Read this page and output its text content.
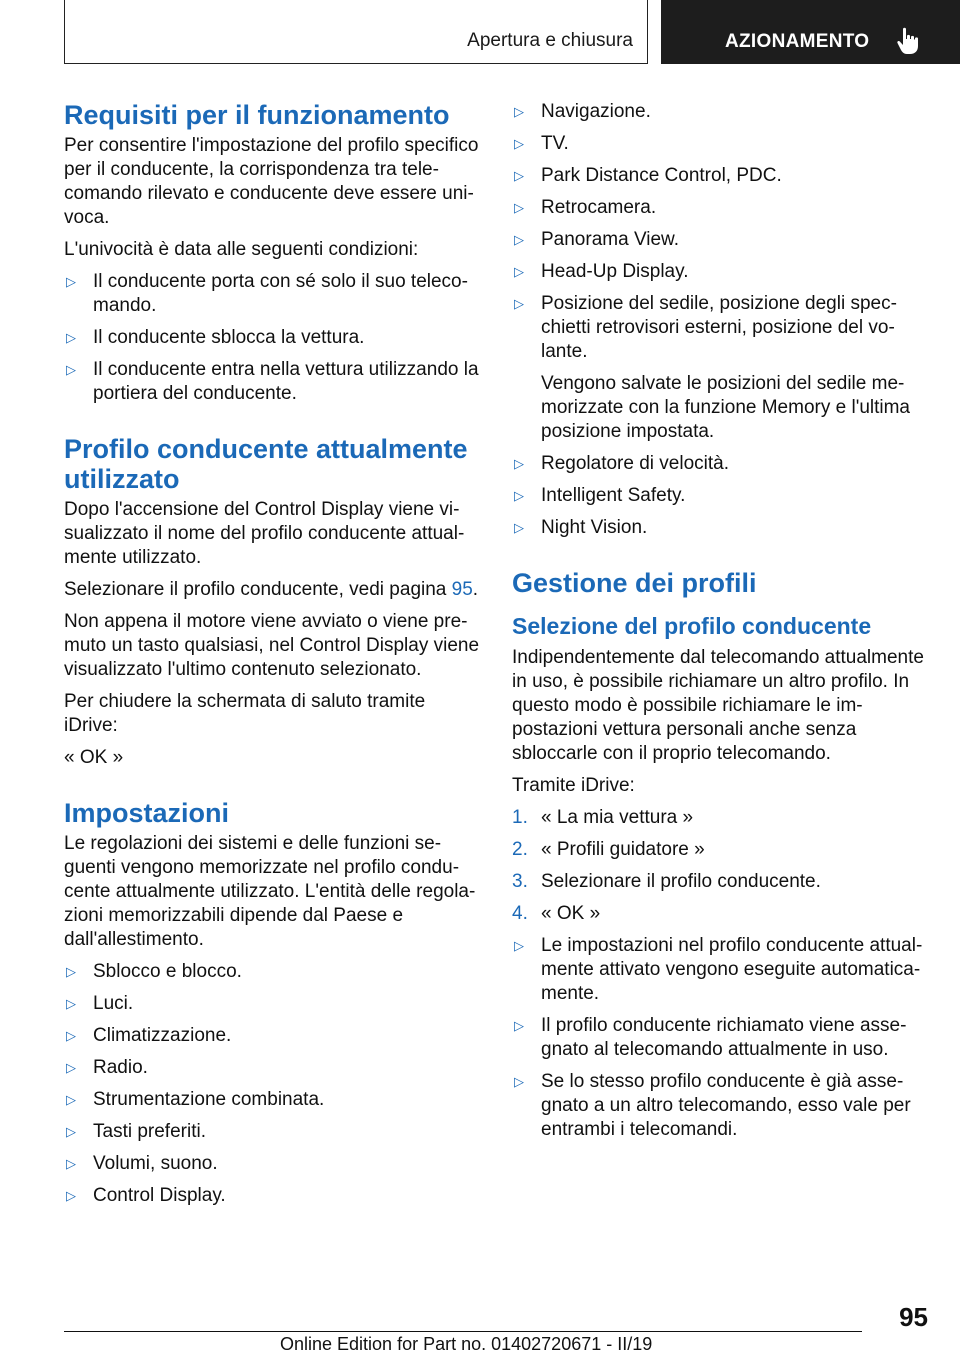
Apertura e chiusura	AZIONAMENTO
Requisiti per il funzionamento
Per consentire l'impostazione del profilo specifico per il conducente, la corrispondenza tra telecomando rilevato e conducente deve essere univoca.
L'univocità è data alle seguenti condizioni:
▷ Il conducente porta con sé solo il suo telecomando.
▷ Il conducente sblocca la vettura.
▷ Il conducente entra nella vettura utilizzando la portiera del conducente.
Profilo conducente attualmente utilizzato
Dopo l'accensione del Control Display viene visualizzato il nome del profilo conducente attualmente utilizzato.
Selezionare il profilo conducente, vedi pagina 95.
Non appena il motore viene avviato o viene premuto un tasto qualsiasi, nel Control Display viene visualizzato l'ultimo contenuto selezionato.
Per chiudere la schermata di saluto tramite iDrive:
« OK »
Impostazioni
Le regolazioni dei sistemi e delle funzioni seguenti vengono memorizzate nel profilo conducente attualmente utilizzato. L'entità delle regolazioni memorizzabili dipende dal Paese e dall'allestimento.
▷ Sblocco e blocco.
▷ Luci.
▷ Climatizzazione.
▷ Radio.
▷ Strumentazione combinata.
▷ Tasti preferiti.
▷ Volumi, suono.
▷ Control Display.
▷ Navigazione.
▷ TV.
▷ Park Distance Control, PDC.
▷ Retrocamera.
▷ Panorama View.
▷ Head-Up Display.
▷ Posizione del sedile, posizione degli specchietti retrovisori esterni, posizione del volante.
Vengono salvate le posizioni del sedile memorizzate con la funzione Memory e l'ultima posizione impostata.
▷ Regolatore di velocità.
▷ Intelligent Safety.
▷ Night Vision.
Gestione dei profili
Selezione del profilo conducente
Indipendentemente dal telecomando attualmente in uso, è possibile richiamare un altro profilo. In questo modo è possibile richiamare le impostazioni vettura personali anche senza sbloccarle con il proprio telecomando.
Tramite iDrive:
1. « La mia vettura »
2. « Profili guidatore »
3. Selezionare il profilo conducente.
4. « OK »
▷ Le impostazioni nel profilo conducente attualmente attivato vengono eseguite automaticamente.
▷ Il profilo conducente richiamato viene assegnato al telecomando attualmente in uso.
▷ Se lo stesso profilo conducente è già assegnato a un altro telecomando, esso vale per entrambi i telecomandi.
95
Online Edition for Part no. 01402720671 - II/19
